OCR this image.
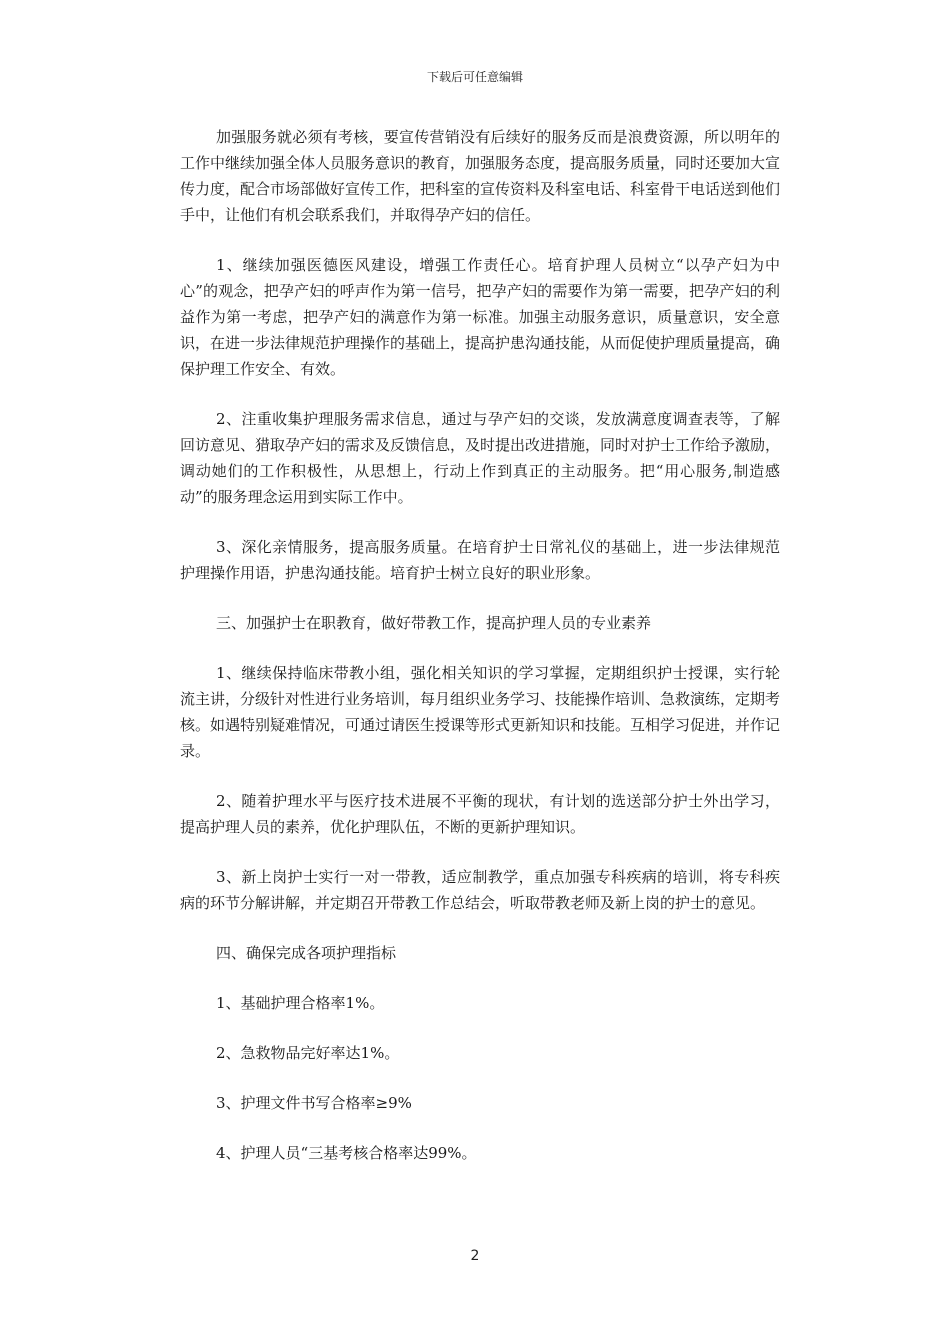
下载后可任意编辑

加强服务就必须有考核，要宣传营销没有后续好的服务反而是浪费资源，所以明年的工作中继续加强全体人员服务意识的教育，加强服务态度，提高服务质量，同时还要加大宣传力度，配合市场部做好宣传工作，把科室的宣传资料及科室电话、科室骨干电话送到他们手中，让他们有机会联系我们，并取得孕产妇的信任。

1、继续加强医德医风建设，增强工作责任心。培育护理人员树立“以孕产妇为中心”的观念，把孕产妇的呼声作为第一信号，把孕产妇的需要作为第一需要，把孕产妇的利益作为第一考虑，把孕产妇的满意作为第一标准。加强主动服务意识，质量意识，安全意识，在进一步法律规范护理操作的基础上，提高护患沟通技能，从而促使护理质量提高，确保护理工作安全、有效。

2、注重收集护理服务需求信息，通过与孕产妇的交谈，发放满意度调查表等，了解回访意见、猎取孕产妇的需求及反馈信息，及时提出改进措施，同时对护士工作给予激励，调动她们的工作积极性，从思想上，行动上作到真正的主动服务。把“用心服务,制造感动”的服务理念运用到实际工作中。

3、深化亲情服务，提高服务质量。在培育护士日常礼仪的基础上，进一步法律规范护理操作用语，护患沟通技能。培育护士树立良好的职业形象。

三、加强护士在职教育，做好带教工作，提高护理人员的专业素养

1、继续保持临床带教小组，强化相关知识的学习掌握，定期组织护士授课，实行轮流主讲，分级针对性进行业务培训，每月组织业务学习、技能操作培训、急救演练，定期考核。如遇特别疑难情况，可通过请医生授课等形式更新知识和技能。互相学习促进，并作记录。

2、随着护理水平与医疗技术进展不平衡的现状，有计划的选送部分护士外出学习，提高护理人员的素养，优化护理队伍，不断的更新护理知识。

3、新上岗护士实行一对一带教，适应制教学，重点加强专科疾病的培训，将专科疾病的环节分解讲解，并定期召开带教工作总结会，听取带教老师及新上岗的护士的意见。

四、确保完成各项护理指标

1、基础护理合格率1%。

2、急救物品完好率达1%。

3、护理文件书写合格率≥9%

4、护理人员“三基考核合格率达99%。

2
